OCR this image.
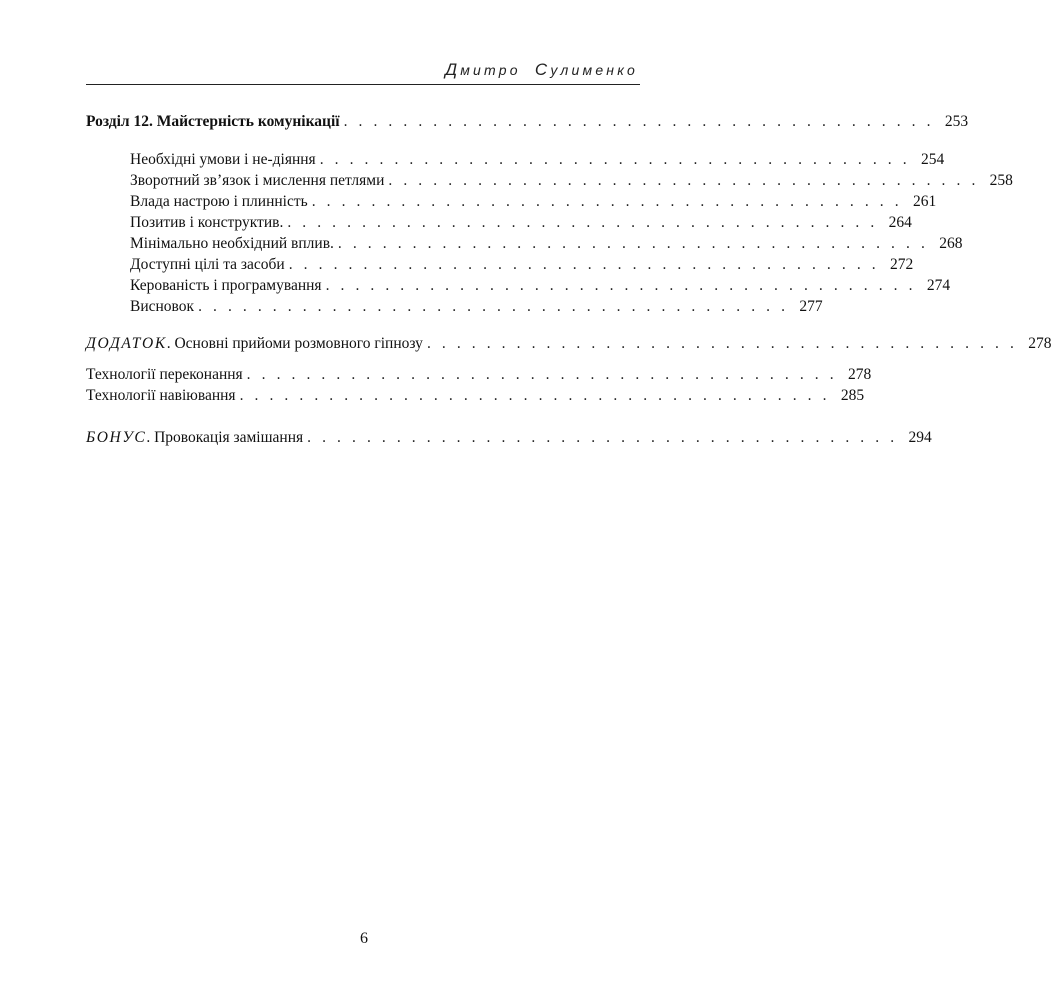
Дмитро Сулименко
Розділ 12. Майстерність комунікації . . . . . . . . . . . . . . . . . . . . . . . . . . . . . . . . . . . . . . . . 253
Необхідні умови і не-діяння . . . . . . . . . . . . . . . . . . . . . . . . . . . . . . . . . . . . . . . . 254
Зворотний зв’язок і мислення петлями . . . . . . . . . . . . . . . . . . . . . . . . . . . . . . . . . . . . . . . . 258
Влада настрою і плинність . . . . . . . . . . . . . . . . . . . . . . . . . . . . . . . . . . . . . . . . 261
Позитив і конструктив. . . . . . . . . . . . . . . . . . . . . . . . . . . . . . . . . . . . . . . . . 264
Мінімально необхідний вплив. . . . . . . . . . . . . . . . . . . . . . . . . . . . . . . . . . . . . . . . . 268
Доступні цілі та засоби . . . . . . . . . . . . . . . . . . . . . . . . . . . . . . . . . . . . . . . . 272
Керованість і програмування . . . . . . . . . . . . . . . . . . . . . . . . . . . . . . . . . . . . . . . . 274
Висновок . . . . . . . . . . . . . . . . . . . . . . . . . . . . . . . . . . . . . . . . 277
ДОДАТОК. Основні прийоми розмовного гіпнозу . . . . . . . . . . . . . . . . . . . . . . . . . . . . . . . . . . . . . . . . 278
Технології переконання . . . . . . . . . . . . . . . . . . . . . . . . . . . . . . . . . . . . . . . . 278
Технології навіювання . . . . . . . . . . . . . . . . . . . . . . . . . . . . . . . . . . . . . . . . 285
БОНУС. Провокація замішання . . . . . . . . . . . . . . . . . . . . . . . . . . . . . . . . . . . . . . . . 294
6
